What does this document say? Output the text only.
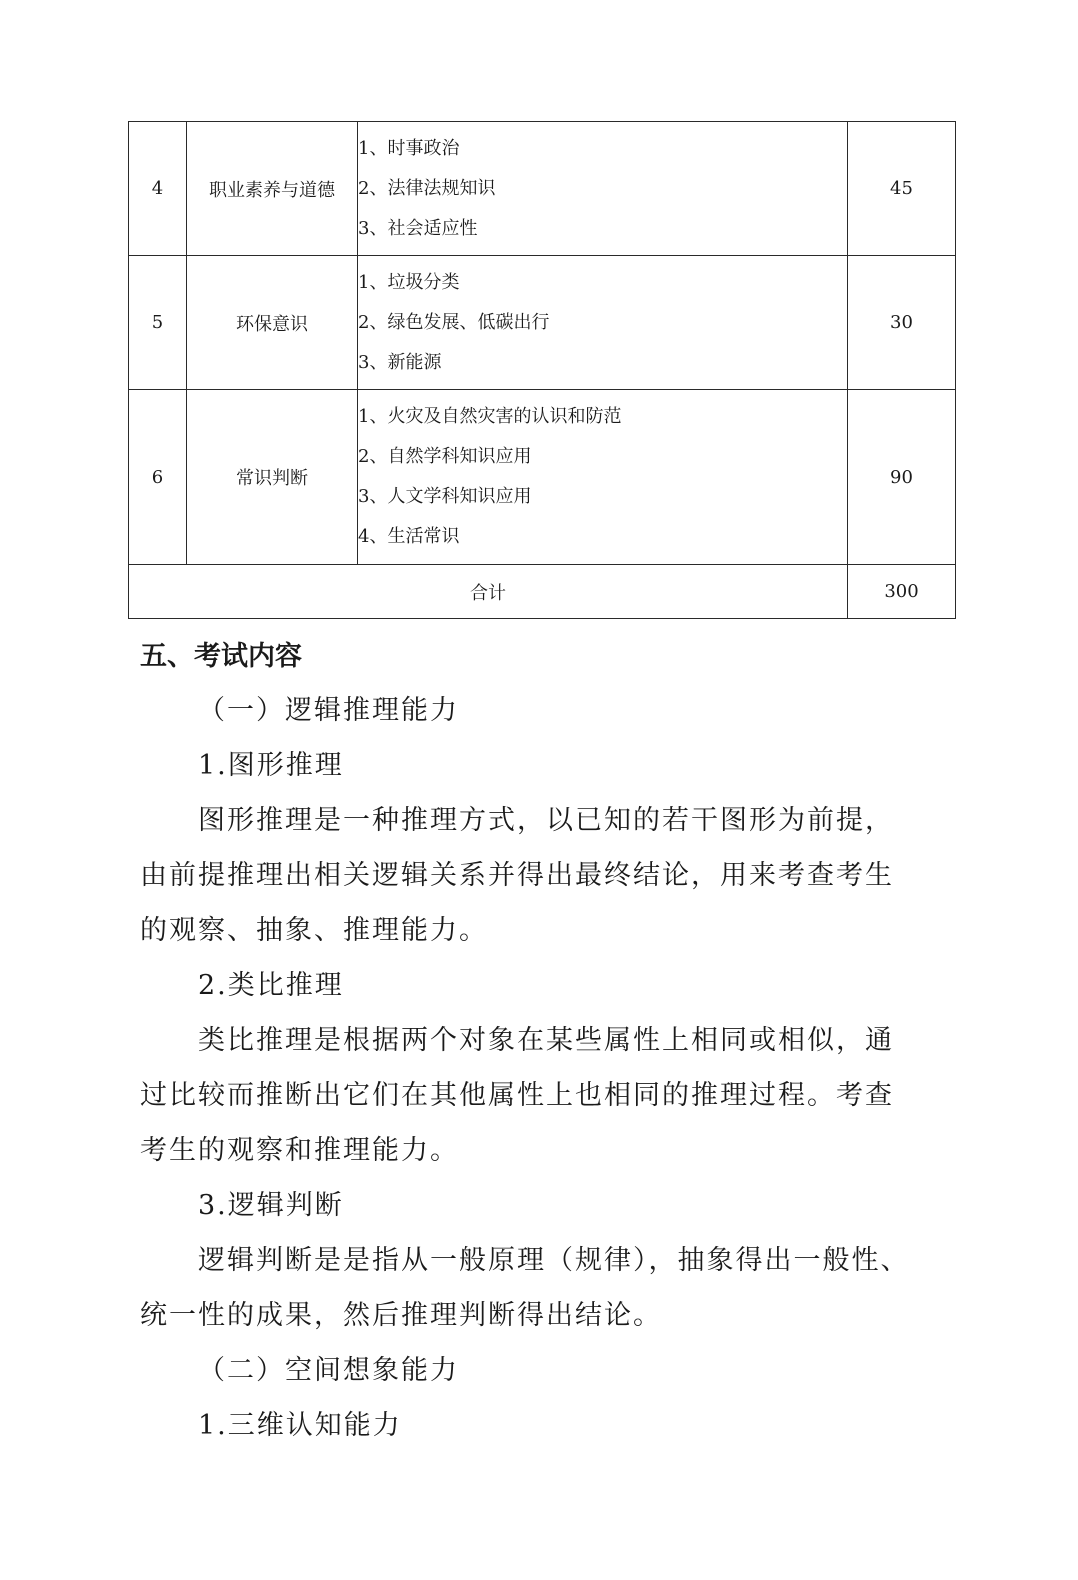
4	职业素养与道德	1、时事政治
2、法律法规知识
3、社会适应性	45
5	环保意识	1、垃圾分类
2、绿色发展、低碳出行
3、新能源	30
6	常识判断	1、火灾及自然灾害的认识和防范
2、自然学科知识应用
3、人文学科知识应用
4、生活常识	90
合计			300
五、考试内容

（一）逻辑推理能力

1.图形推理

图形推理是一种推理方式，以已知的若干图形为前提，

由前提推理出相关逻辑关系并得出最终结论，用来考查考生

的观察、抽象、推理能力。

2.类比推理

类比推理是根据两个对象在某些属性上相同或相似，通

过比较而推断出它们在其他属性上也相同的推理过程。考查

考生的观察和推理能力。

3.逻辑判断

逻辑判断是是指从一般原理（规律），抽象得出一般性、

统一性的成果，然后推理判断得出结论。

（二）空间想象能力

1.三维认知能力
